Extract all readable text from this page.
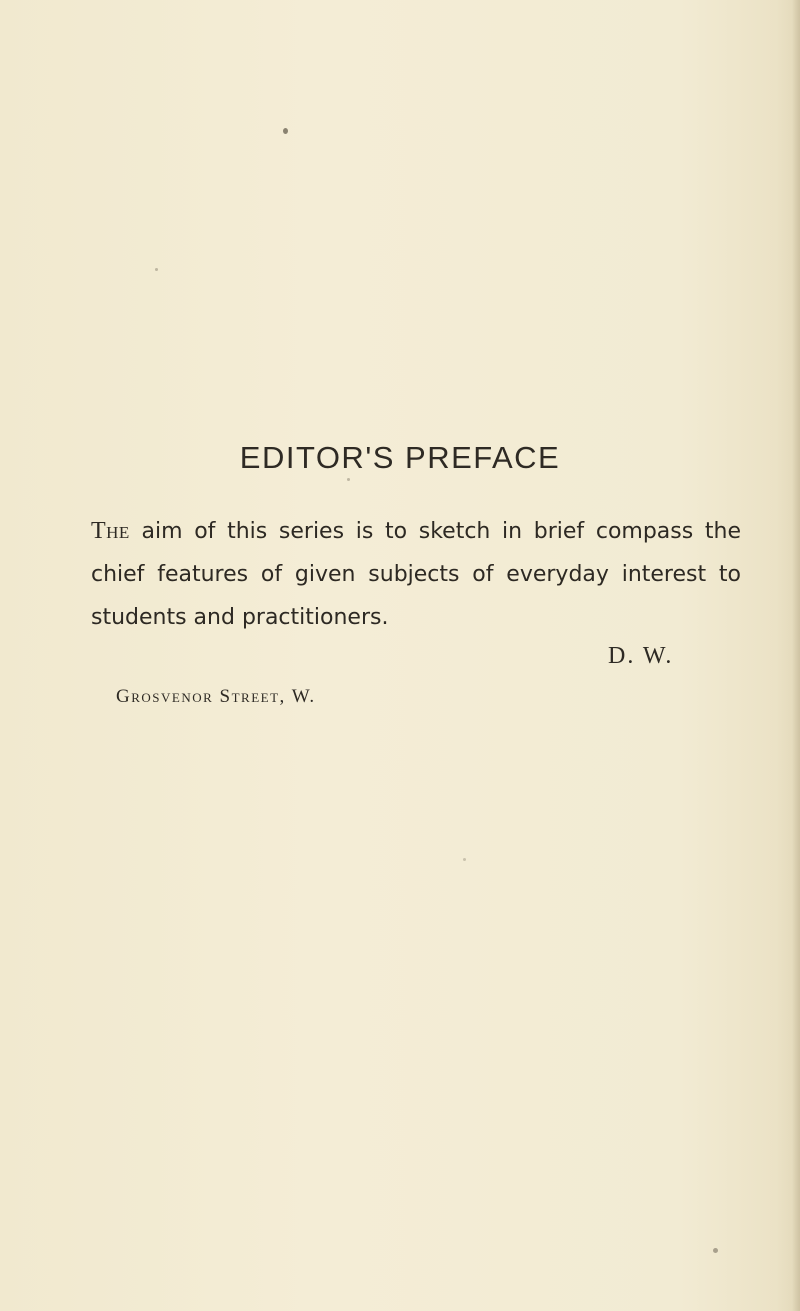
EDITOR'S PREFACE

The aim of this series is to sketch in brief compass the chief features of given subjects of everyday interest to students and practitioners.

D. W.
Grosvenor Street, W.
